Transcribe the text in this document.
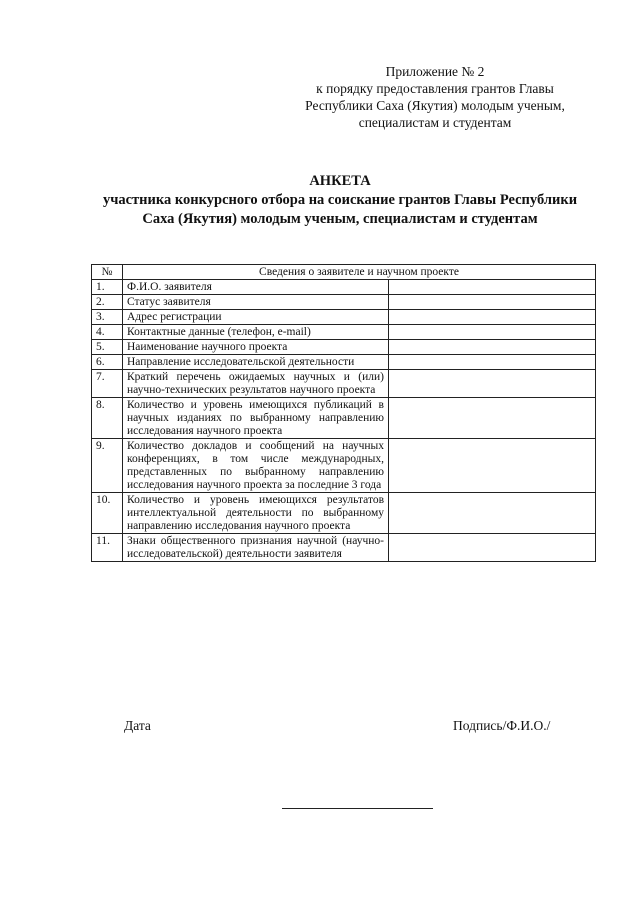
Приложение № 2
к порядку предоставления грантов Главы
Республики Саха (Якутия) молодым ученым,
специалистам и студентам
АНКЕТА
участника конкурсного отбора на соискание грантов Главы Республики
Саха (Якутия) молодым ученым, специалистам и студентам
№	Сведения о заявителе и научном проекте	
1.	Ф.И.О. заявителя	
2.	Статус заявителя	
3.	Адрес регистрации	
4.	Контактные данные (телефон, e-mail)	
5.	Наименование научного проекта	
6.	Направление исследовательской деятельности	
7.	Краткий перечень ожидаемых научных и (или) научно-технических результатов научного проекта	
8.	Количество и уровень имеющихся публикаций в научных изданиях по выбранному направлению исследования научного проекта	
9.	Количество докладов и сообщений на научных конференциях, в том числе международных, представленных по выбранному направлению исследования научного проекта за последние 3 года	
10.	Количество и уровень имеющихся результатов интеллектуальной деятельности по выбранному направлению исследования научного проекта	
11.	Знаки общественного признания научной (научно-исследовательской) деятельности заявителя	
Дата	Подпись/Ф.И.О./
